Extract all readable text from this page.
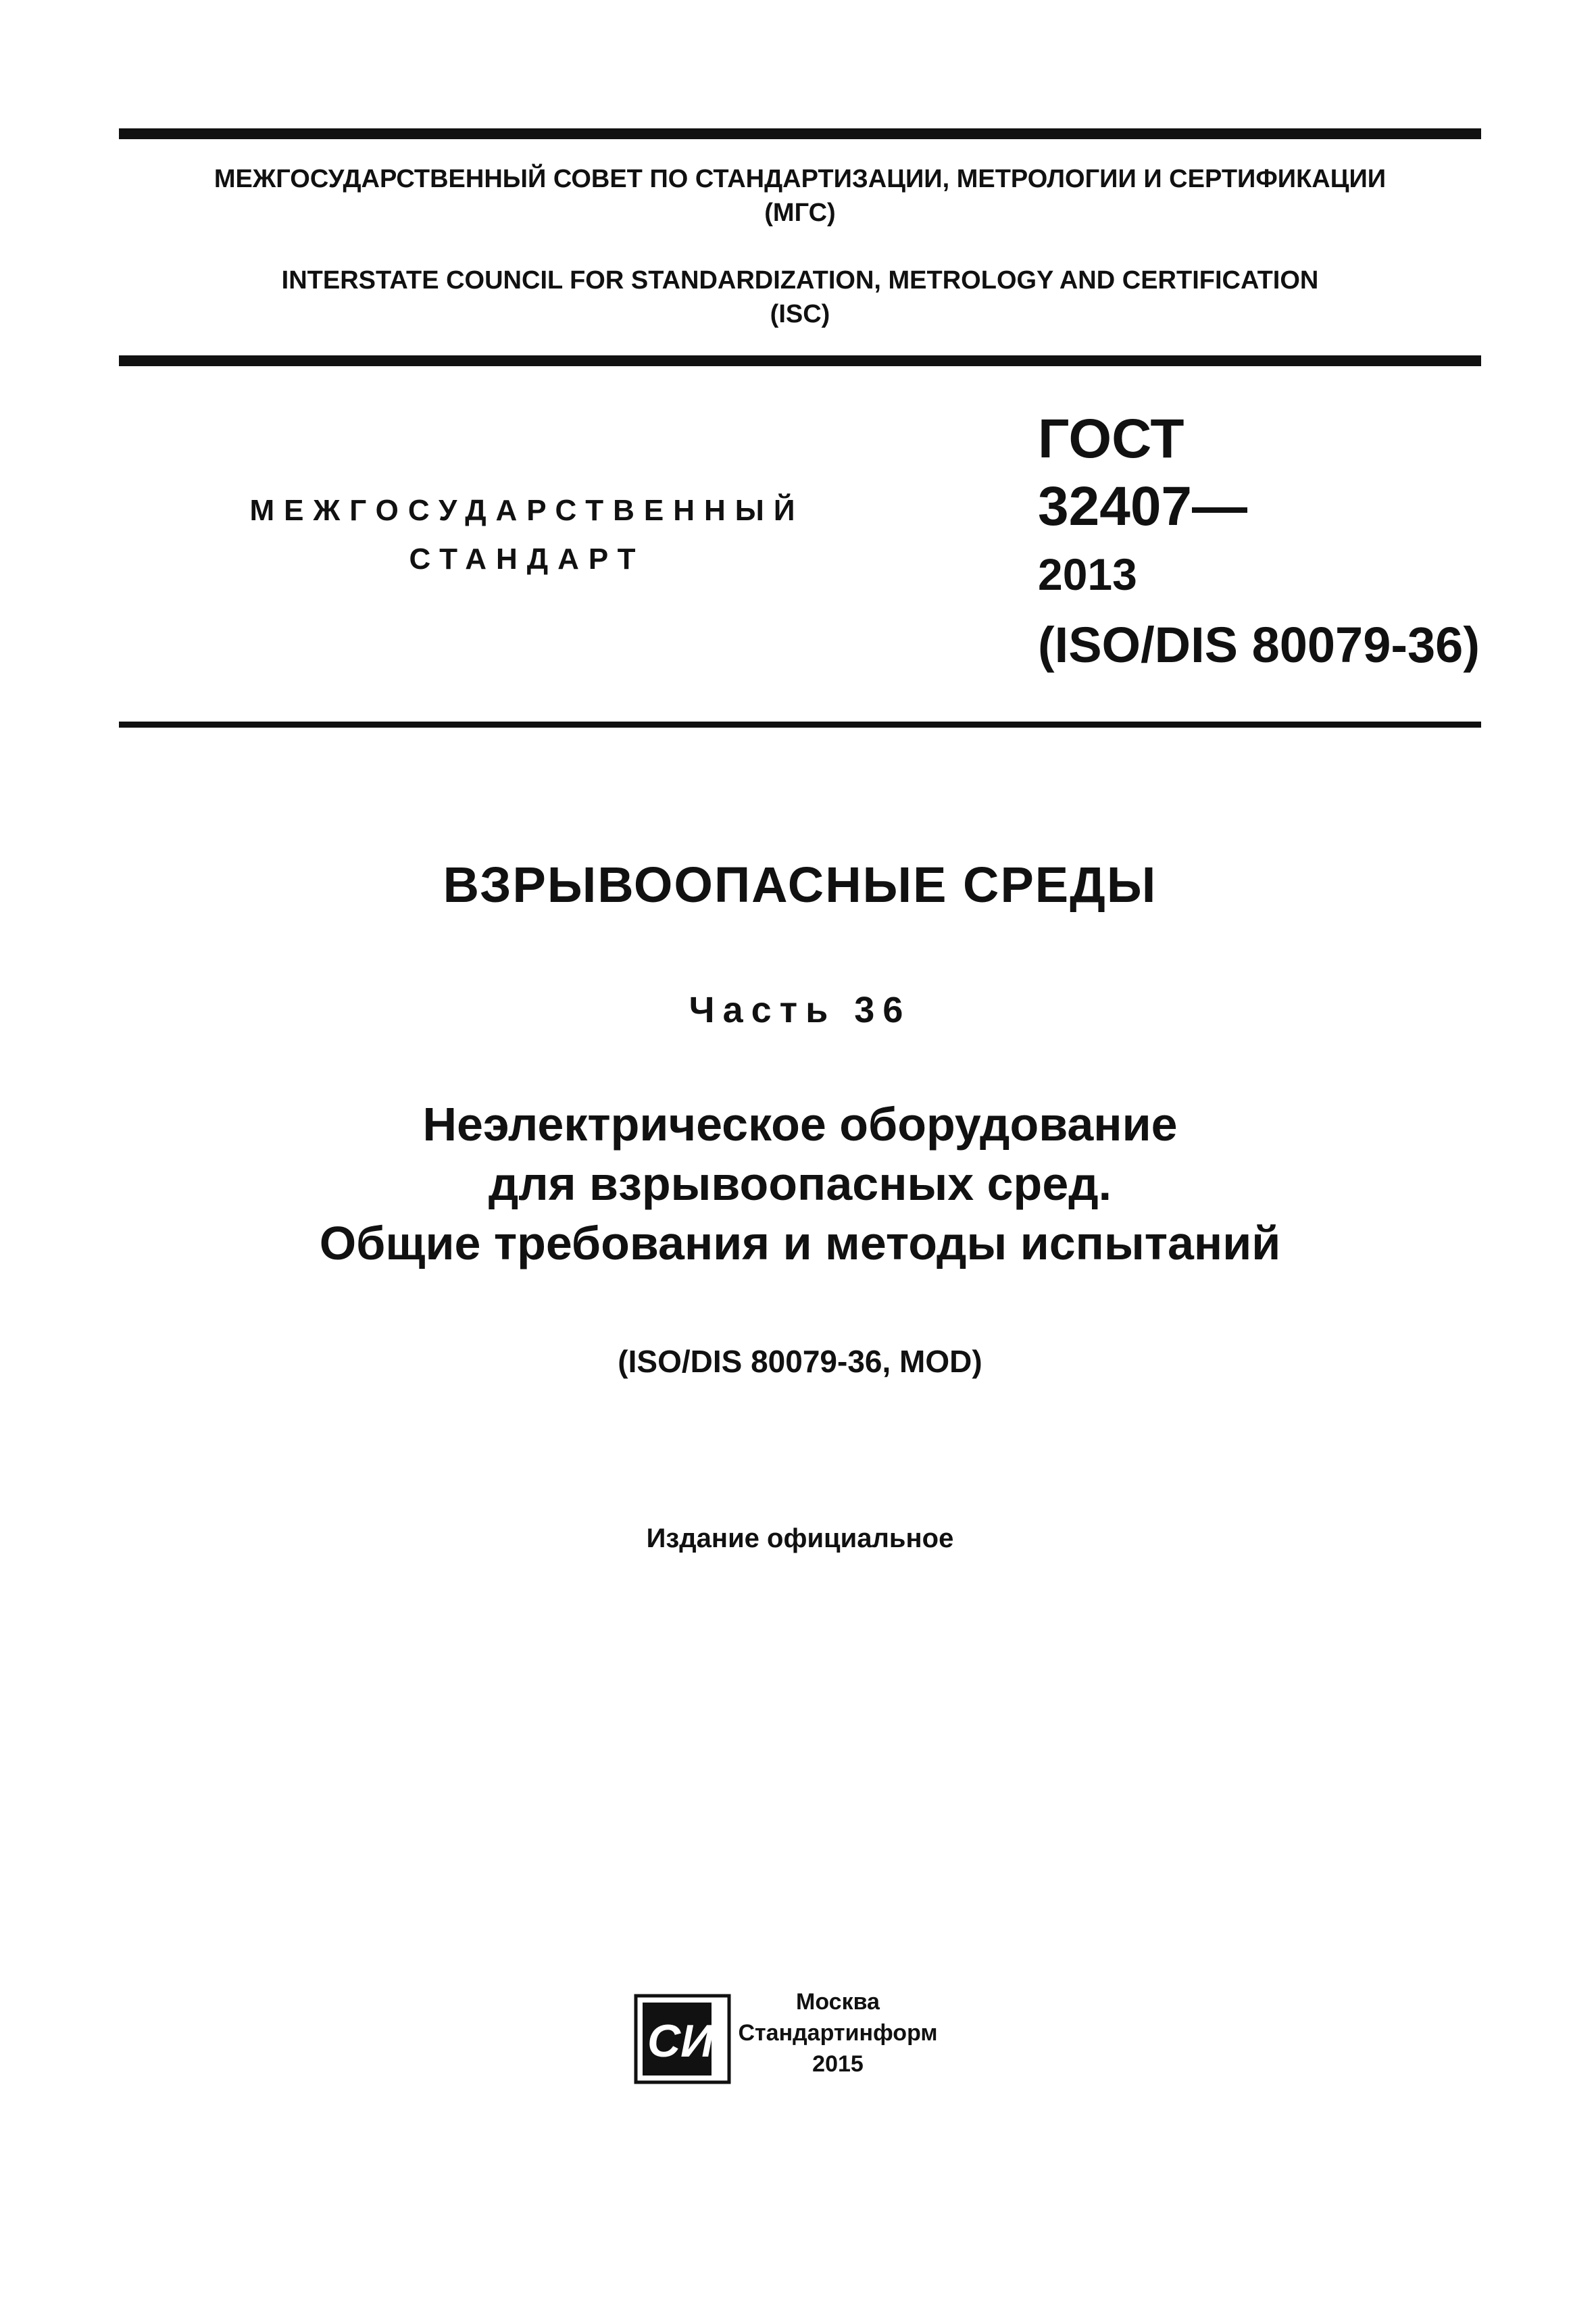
МЕЖГОСУДАРСТВЕННЫЙ СОВЕТ ПО СТАНДАРТИЗАЦИИ, МЕТРОЛОГИИ И СЕРТИФИКАЦИИ
(МГС)
INTERSTATE COUNCIL FOR STANDARDIZATION, METROLOGY AND CERTIFICATION
(ISC)
МЕЖГОСУДАРСТВЕННЫЙ
СТАНДАРТ
ГОСТ
32407—
2013
(ISO/DIS 80079-36)
ВЗРЫВООПАСНЫЕ СРЕДЫ
Часть 36
Неэлектрическое оборудование
для взрывоопасных сред.
Общие требования и методы испытаний
(ISO/DIS 80079-36, MOD)
Издание официальное
СИ
Москва
Стандартинформ
2015
